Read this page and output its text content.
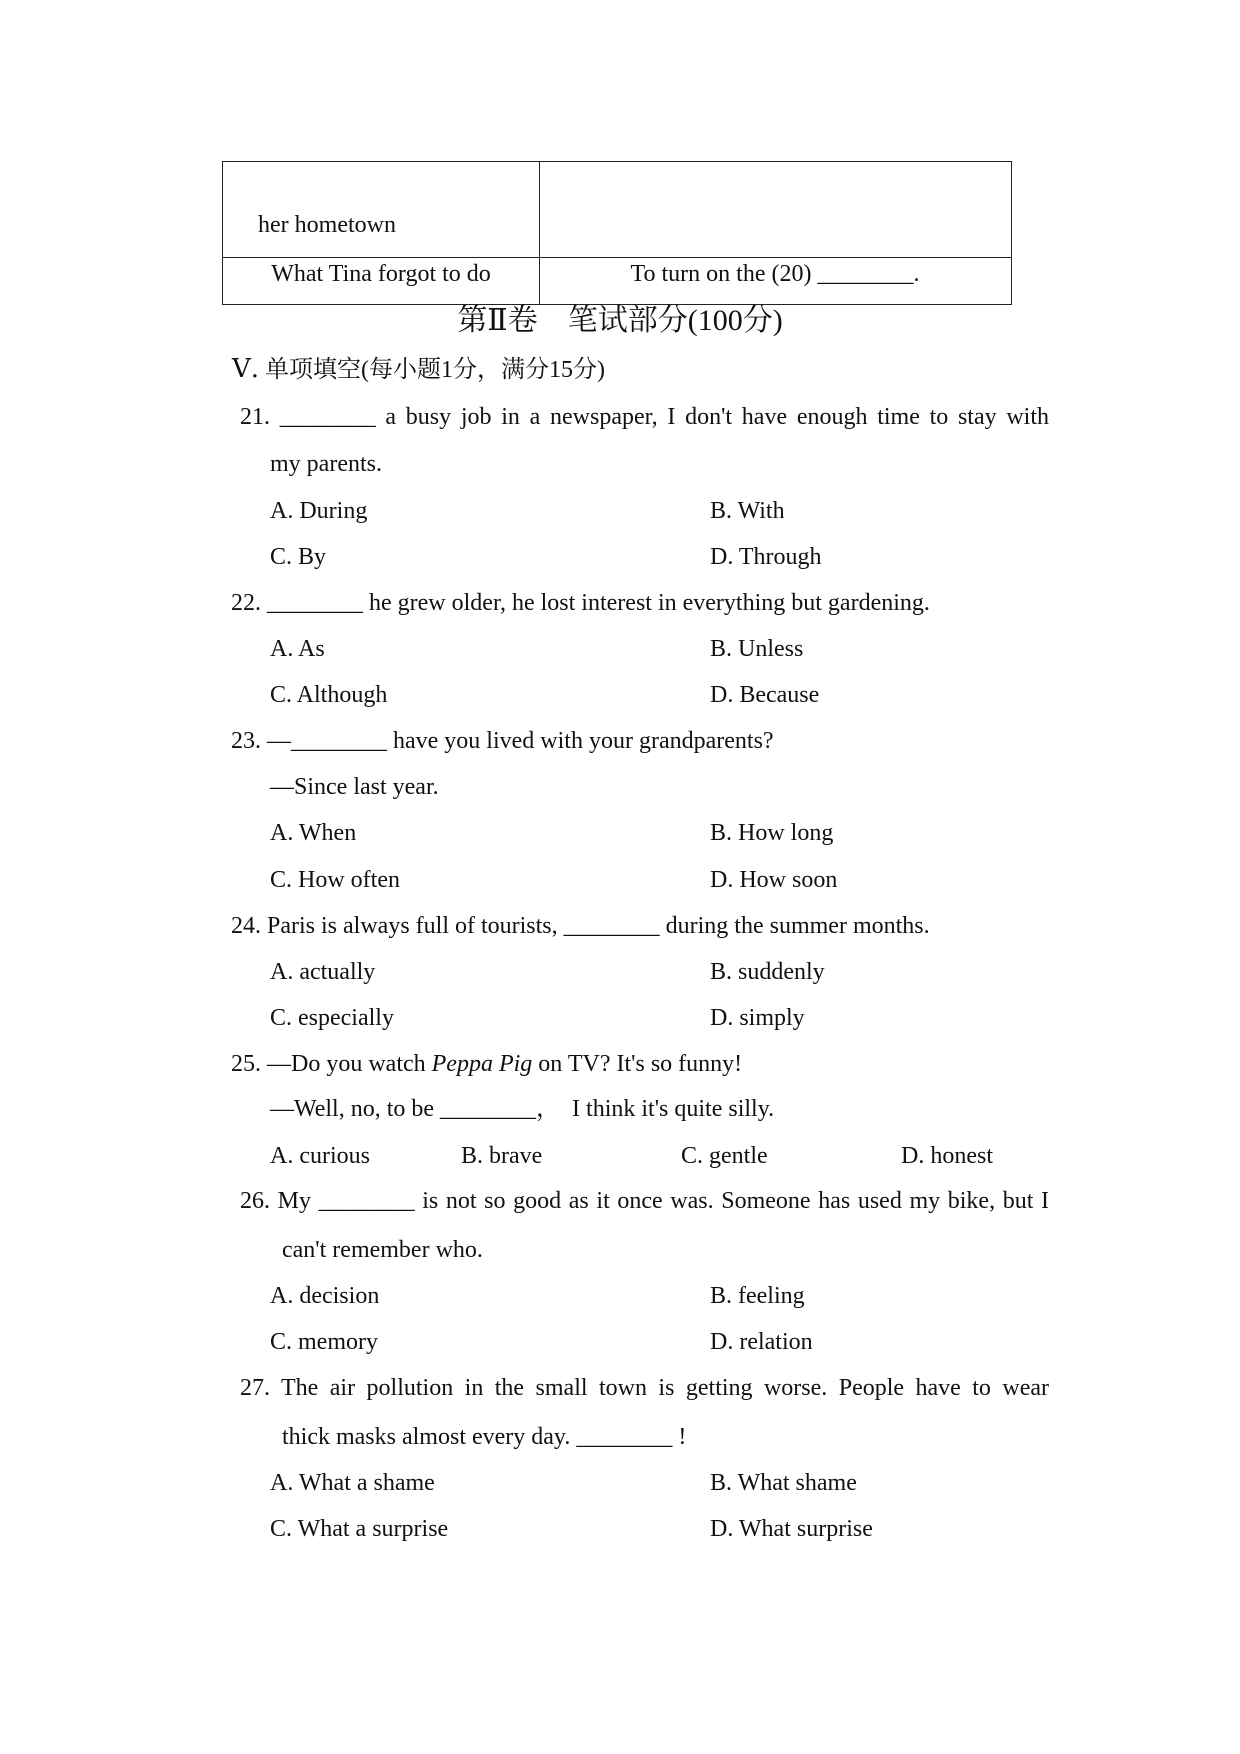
her hometown
What Tina forgot to do	To turn on the (20) ________.
第Ⅱ卷　笔试部分(100分)
Ⅴ. 单项填空(每小题1分，满分15分)
21. ________ a busy job in a newspaper, I don't have enough time to stay with
my parents.
A. During	B. With
C. By	D. Through
22. ________ he grew older, he lost interest in everything but gardening.
A. As	B. Unless
C. Although	D. Because
23. —________ have you lived with your grandparents?
—Since last year.
A. When	B. How long
C. How often	D. How soon
24. Paris is always full of tourists, ________ during the summer months.
A. actually	B. suddenly
C. especially	D. simply
25. —Do you watch Peppa Pig on TV? It's so funny!
—Well, no, to be ________，  I think it's quite silly.
A. curious	B. brave	C. gentle	D. honest
26. My ________ is not so good as it once was. Someone has used my bike, but I
can't remember who.
A. decision	B. feeling
C. memory	D. relation
27. The air pollution in the small town is getting worse. People have to wear
thick masks almost every day. ________ !
A. What a shame	B. What shame
C. What a surprise	D. What surprise
